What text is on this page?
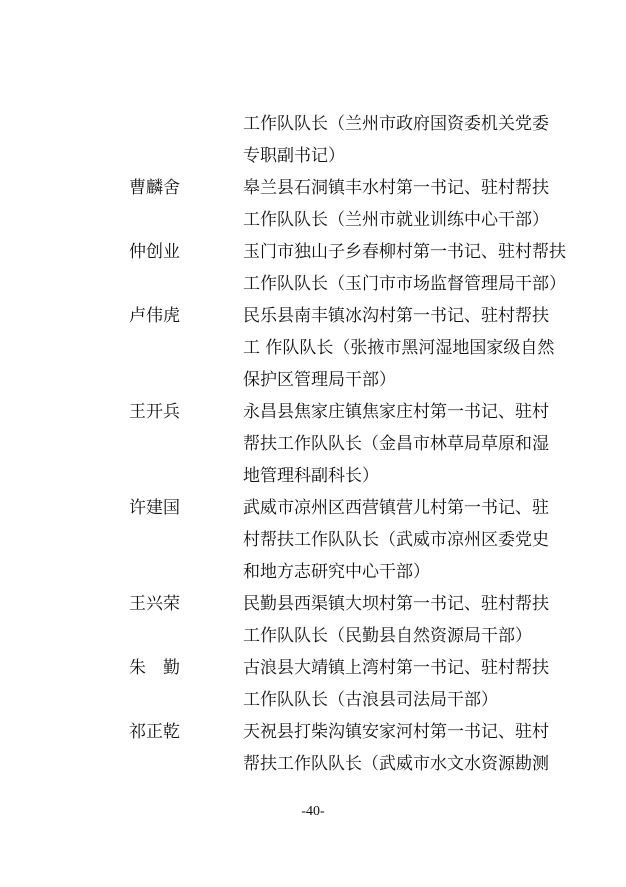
工作队队长（兰州市政府国资委机关党委
专职副书记）
曹麟舍	皋兰县石洞镇丰水村第一书记、驻村帮扶
工作队队长（兰州市就业训练中心干部）
仲创业	玉门市独山子乡春柳村第一书记、驻村帮扶
工作队队长（玉门市市场监督管理局干部）
卢伟虎	民乐县南丰镇冰沟村第一书记、驻村帮扶
工 作队队长（张掖市黑河湿地国家级自然
保护区管理局干部）
王开兵	永昌县焦家庄镇焦家庄村第一书记、驻村
帮扶工作队队长（金昌市林草局草原和湿
地管理科副科长）
许建国	武威市凉州区西营镇营儿村第一书记、驻
村帮扶工作队队长（武威市凉州区委党史
和地方志研究中心干部）
王兴荣	民勤县西渠镇大坝村第一书记、驻村帮扶
工作队队长（民勤县自然资源局干部）
朱　勤	古浪县大靖镇上湾村第一书记、驻村帮扶
工作队队长（古浪县司法局干部）
祁正乾	天祝县打柴沟镇安家河村第一书记、驻村
帮扶工作队队长（武威市水文水资源勘测
-40-
